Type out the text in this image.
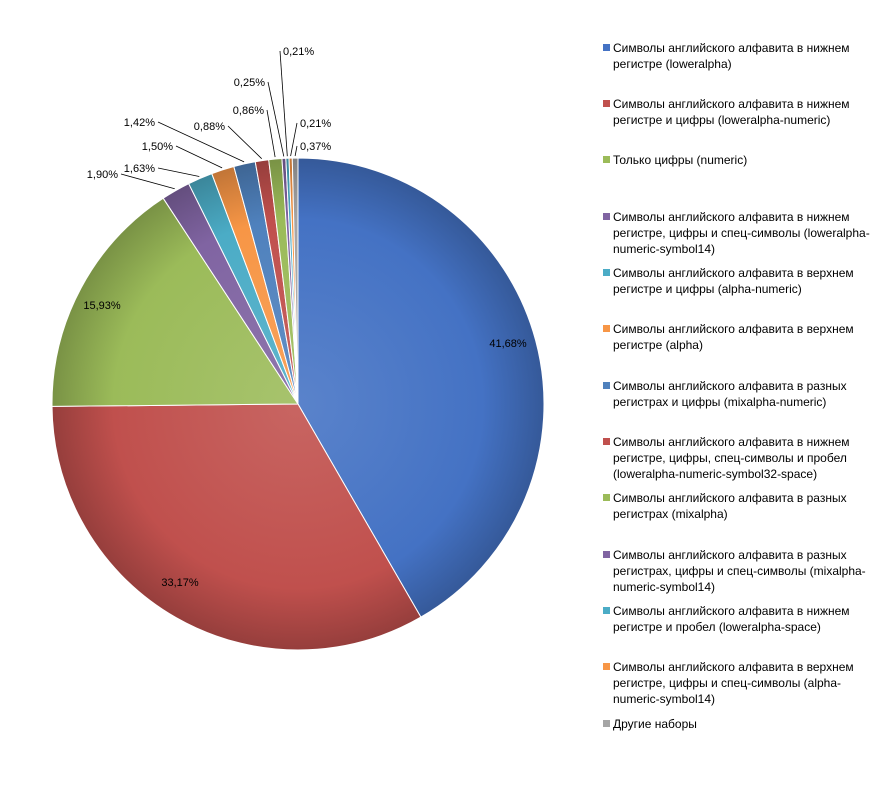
41,68%
33,17%
15,93%
1,90% 1,63%
1,50%
1,42%	0,88%
0,86%
0,25%
0,21%
0,21%
0,37%
Символы английского алфавита в нижнем регистре (loweralpha)
Символы английского алфавита в нижнем регистре и цифры (loweralpha-numeric)
Только цифры (numeric)
Символы английского алфавита в нижнем регистре, цифры и спец-символы (loweralpha-numeric-symbol14)
Символы английского алфавита в верхнем регистре и цифры (alpha-numeric)
Символы английского алфавита в верхнем регистре (alpha)
Символы английского алфавита в разных регистрах и цифры (mixalpha-numeric)
Символы английского алфавита в нижнем регистре, цифры, спец-символы и пробел (loweralpha-numeric-symbol32-space)
Символы английского алфавита в разных регистрах (mixalpha)
Символы английского алфавита в разных регистрах, цифры и спец-символы (mixalpha-numeric-symbol14)
Символы английского алфавита в нижнем регистре и пробел (loweralpha-space)
Символы английского алфавита в верхнем регистре, цифры и спец-символы (alpha-numeric-symbol14)
Другие наборы
